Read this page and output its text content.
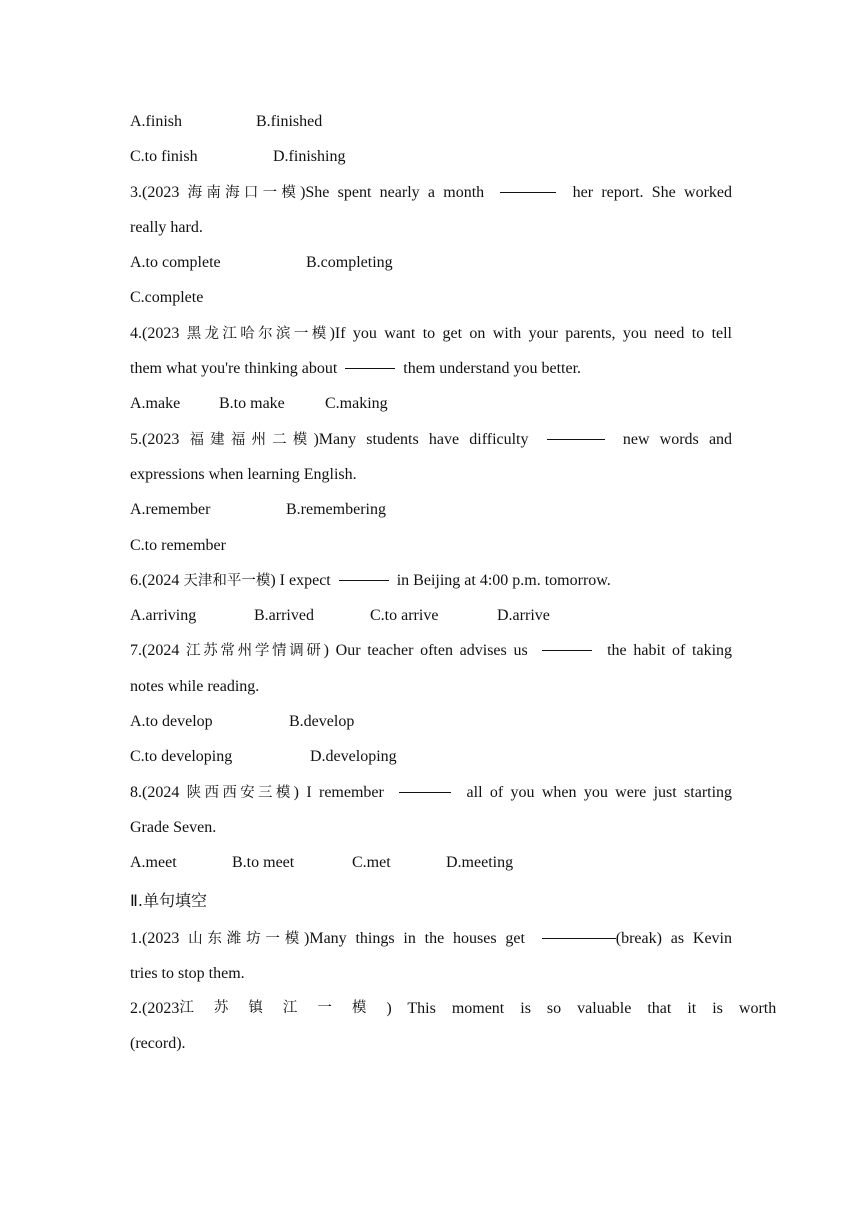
A.finish	B.finished
C.to finish	D.finishing
3.(2023 海南海口一模)She spent nearly a month	her report. She worked
really hard.
A.to complete	B.completing
C.complete
4.(2023 黑龙江哈尔滨一模)If you want to get on with your parents, you need to tell
them what you're thinking about	them understand you better.
A.make B.to make	C.making
5.(2023 福建福州二模)Many students have difficulty	new words and
expressions when learning English.
A.remember	B.remembering
C.to remember
6.(2024 天津和平一模) I expect	in Beijing at 4:00 p.m. tomorrow.
A.arriving	B.arrived	C.to arrive	D.arrive
7.(2024 江苏常州学情调研) Our teacher often advises us	the habit of taking
notes while reading.
A.to develop	B.develop
C.to developing	D.developing
8.(2024 陕西西安三模) I remember	all of you when you were just starting
Grade Seven.
A.meet	B.to meet	C.met	D.meeting
Ⅱ.单句填空
1.(2023 山东潍坊一模)Many things in the houses get	(break) as Kevin
tries to stop them.
2.(2023 江苏镇江一模 ) This moment is so valuable that it is worth
(record).
